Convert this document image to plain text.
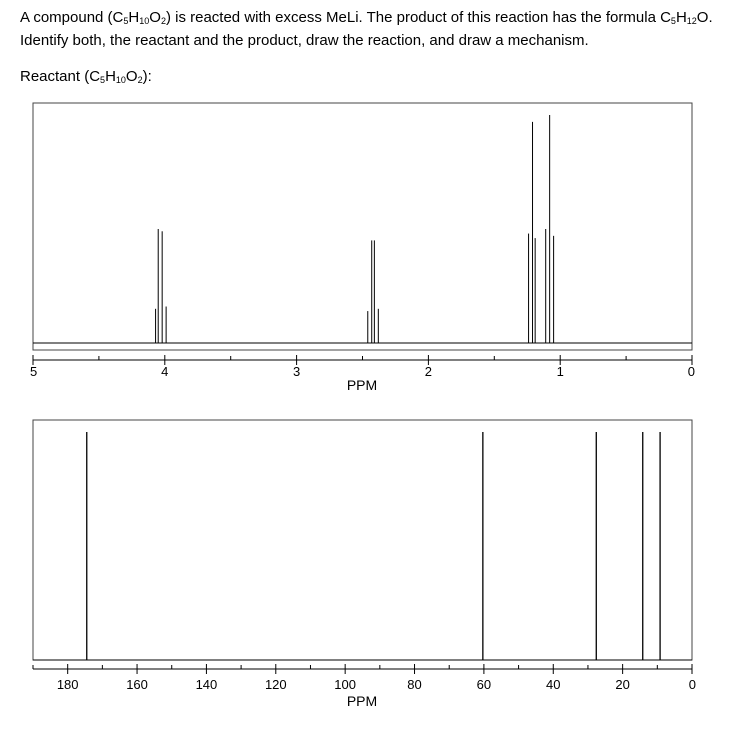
A compound $(C_5H_{10}O_2)$ is reacted with excess MeLi. The product of this reaction has the formula $C_5H_{12}O$.
Identify both, the reactant and the product, draw the reaction, and draw a mechanism.
Reactant $(C_5H_{10}O_2)$:
5	4	3	2	1	0
PPM
180	160	140	120	100	80	60	40	20	0
PPM
